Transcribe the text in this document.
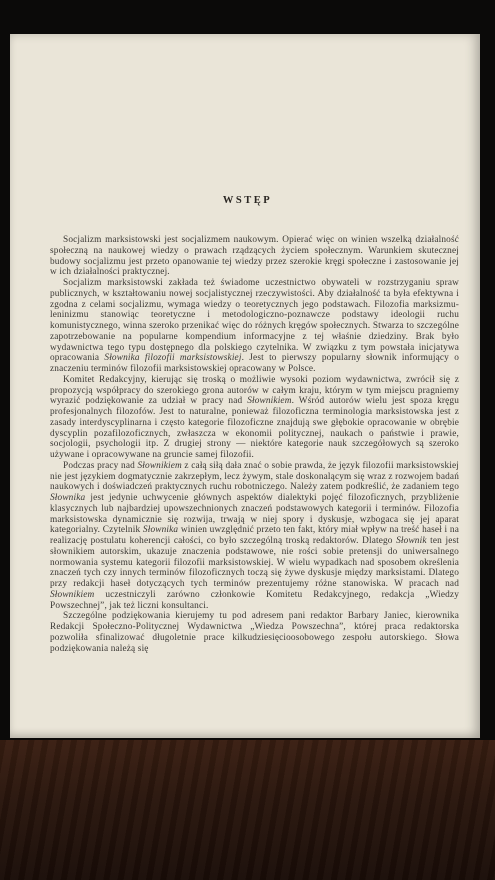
WSTĘP

Socjalizm marksistowski jest socjalizmem naukowym. Opierać więc on winien wszelką działalność społeczną na naukowej wiedzy o prawach rządzących życiem społecznym. Warunkiem skutecznej budowy socjalizmu jest przeto opanowanie tej wiedzy przez szerokie kręgi społeczne i zastosowanie jej w ich działalności praktycznej.

Socjalizm marksistowski zakłada też świadome uczestnictwo obywateli w rozstrzyganiu spraw publicznych, w kształtowaniu nowej socjalistycznej rzeczywistości. Aby działalność ta była efektywna i zgodna z celami socjalizmu, wymaga wiedzy o teoretycznych jego podstawach. Filozofia marksizmu-leninizmu stanowiąc teoretyczne i metodologiczno-poznawcze podstawy ideologii ruchu komunistycznego, winna szeroko przenikać więc do różnych kręgów społecznych. Stwarza to szczególne zapotrzebowanie na popularne kompendium informacyjne z tej właśnie dziedziny. Brak było wydawnictwa tego typu dostępnego dla polskiego czytelnika. W związku z tym powstała inicjatywa opracowania Słownika filozofii marksistowskiej. Jest to pierwszy popularny słownik informujący o znaczeniu terminów filozofii marksistowskiej opracowany w Polsce.

Komitet Redakcyjny, kierując się troską o możliwie wysoki poziom wydawnictwa, zwrócił się z propozycją współpracy do szerokiego grona autorów w całym kraju, którym w tym miejscu pragniemy wyrazić podziękowanie za udział w pracy nad Słownikiem. Wśród autorów wielu jest spoza kręgu profesjonalnych filozofów. Jest to naturalne, ponieważ filozoficzna terminologia marksistowska jest z zasady interdyscyplinarna i często kategorie filozoficzne znajdują swe głębokie opracowanie w obrębie dyscyplin pozafilozoficznych, zwłaszcza w ekonomii politycznej, naukach o państwie i prawie, socjologii, psychologii itp. Z drugiej strony — niektóre kategorie nauk szczegółowych są szeroko używane i opracowywane na gruncie samej filozofii.

Podczas pracy nad Słownikiem z całą siłą dała znać o sobie prawda, że język filozofii marksistowskiej nie jest językiem dogmatycznie zakrzepłym, lecz żywym, stale doskonalącym się wraz z rozwojem badań naukowych i doświadczeń praktycznych ruchu robotniczego. Należy zatem podkreślić, że zadaniem tego Słownika jest jedynie uchwycenie głównych aspektów dialektyki pojęć filozoficznych, przybliżenie klasycznych lub najbardziej upowszechnionych znaczeń podstawowych kategorii i terminów. Filozofia marksistowska dynamicznie się rozwija, trwają w niej spory i dyskusje, wzbogaca się jej aparat kategorialny. Czytelnik Słownika winien uwzględnić przeto ten fakt, który miał wpływ na treść haseł i na realizację postulatu koherencji całości, co było szczególną troską redaktorów. Dlatego Słownik ten jest słownikiem autorskim, ukazuje znaczenia podstawowe, nie rości sobie pretensji do uniwersalnego normowania systemu kategorii filozofii marksistowskiej. W wielu wypadkach nad sposobem określenia znaczeń tych czy innych terminów filozoficznych toczą się żywe dyskusje między marksistami. Dlatego przy redakcji haseł dotyczących tych terminów prezentujemy różne stanowiska. W pracach nad Słownikiem uczestniczyli zarówno członkowie Komitetu Redakcyjnego, redakcja „Wiedzy Powszechnej”, jak też liczni konsultanci.

Szczególne podziękowania kierujemy tu pod adresem pani redaktor Barbary Janiec, kierownika Redakcji Społeczno-Politycznej Wydawnictwa „Wiedza Powszechna”, której praca redaktorska pozwoliła sfinalizować długoletnie prace kilkudziesięcioosobowego zespołu autorskiego. Słowa podziękowania należą się
